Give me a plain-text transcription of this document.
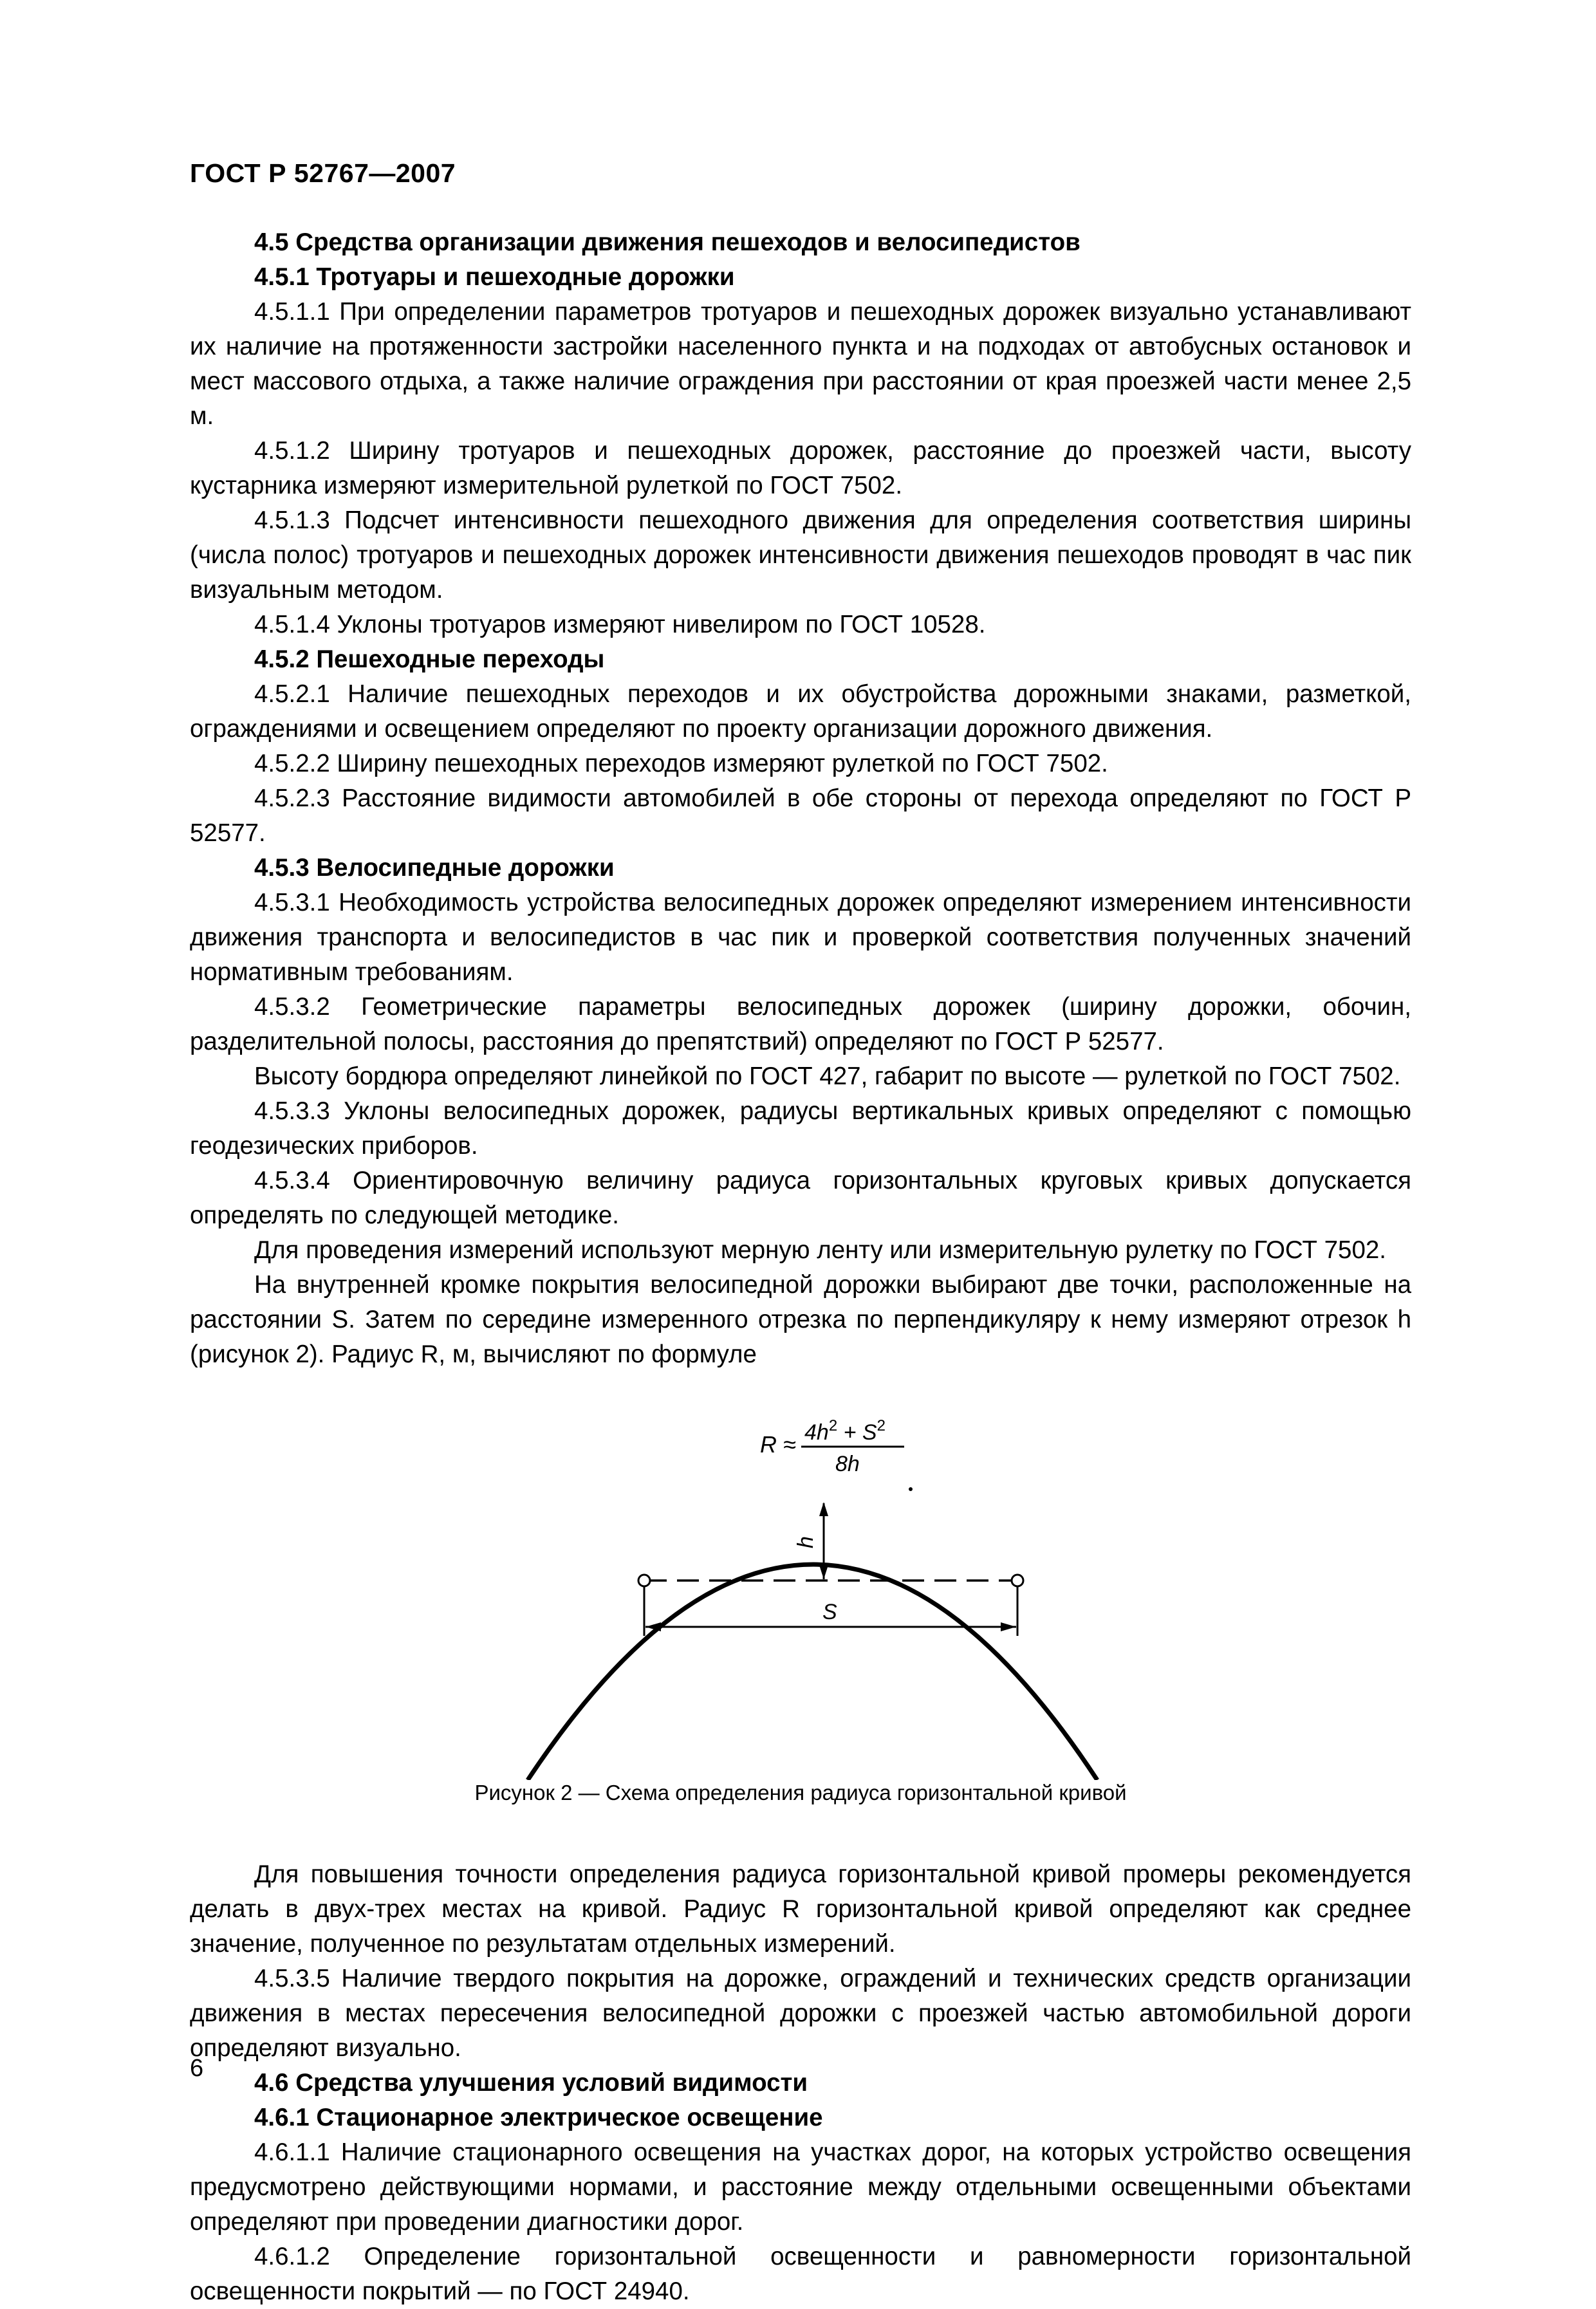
ГОСТ Р 52767—2007

4.5 Средства организации движения пешеходов и велосипедистов

4.5.1 Тротуары и пешеходные дорожки

4.5.1.1 При определении параметров тротуаров и пешеходных дорожек визуально устанавливают их наличие на протяженности застройки населенного пункта и на подходах от автобусных остановок и мест массового отдыха, а также наличие ограждения при расстоянии от края проезжей части менее 2,5 м.

4.5.1.2 Ширину тротуаров и пешеходных дорожек, расстояние до проезжей части, высоту кустарника измеряют измерительной рулеткой по ГОСТ 7502.

4.5.1.3 Подсчет интенсивности пешеходного движения для определения соответствия ширины (числа полос) тротуаров и пешеходных дорожек интенсивности движения пешеходов проводят в час пик визуальным методом.

4.5.1.4 Уклоны тротуаров измеряют нивелиром по ГОСТ 10528.

4.5.2 Пешеходные переходы

4.5.2.1 Наличие пешеходных переходов и их обустройства дорожными знаками, разметкой, ограждениями и освещением определяют по проекту организации дорожного движения.

4.5.2.2 Ширину пешеходных переходов измеряют рулеткой по ГОСТ 7502.

4.5.2.3 Расстояние видимости автомобилей в обе стороны от перехода определяют по ГОСТ Р 52577.

4.5.3 Велосипедные дорожки

4.5.3.1 Необходимость устройства велосипедных дорожек определяют измерением интенсивности движения транспорта и велосипедистов в час пик и проверкой соответствия полученных значений нормативным требованиям.

4.5.3.2 Геометрические параметры велосипедных дорожек (ширину дорожки, обочин, разделительной полосы, расстояния до препятствий) определяют по ГОСТ Р 52577.

Высоту бордюра определяют линейкой по ГОСТ 427, габарит по высоте — рулеткой по ГОСТ 7502.

4.5.3.3 Уклоны велосипедных дорожек, радиусы вертикальных кривых определяют с помощью геодезических приборов.

4.5.3.4 Ориентировочную величину радиуса горизонтальных круговых кривых допускается определять по следующей методике.

Для проведения измерений используют мерную ленту или измерительную рулетку по ГОСТ 7502.

На внутренней кромке покрытия велосипедной дорожки выбирают две точки, расположенные на расстоянии S. Затем по середине измеренного отрезка по перпендикуляру к нему измеряют отрезок h (рисунок 2). Радиус R, м, вычисляют по формуле

$R \approx 4h^2 + S^2$
8h
h
S
Рисунок 2 — Схема определения радиуса горизонтальной кривой

Для повышения точности определения радиуса горизонтальной кривой промеры рекомендуется делать в двух-трех местах на кривой. Радиус R горизонтальной кривой определяют как среднее значение, полученное по результатам отдельных измерений.

4.5.3.5 Наличие твердого покрытия на дорожке, ограждений и технических средств организации движения в местах пересечения велосипедной дорожки с проезжей частью автомобильной дороги определяют визуально.

4.6 Средства улучшения условий видимости

4.6.1 Стационарное электрическое освещение

4.6.1.1 Наличие стационарного освещения на участках дорог, на которых устройство освещения предусмотрено действующими нормами, и расстояние между отдельными освещенными объектами определяют при проведении диагностики дорог.

4.6.1.2 Определение горизонтальной освещенности и равномерности горизонтальной освещенности покрытий — по ГОСТ 24940.

6
